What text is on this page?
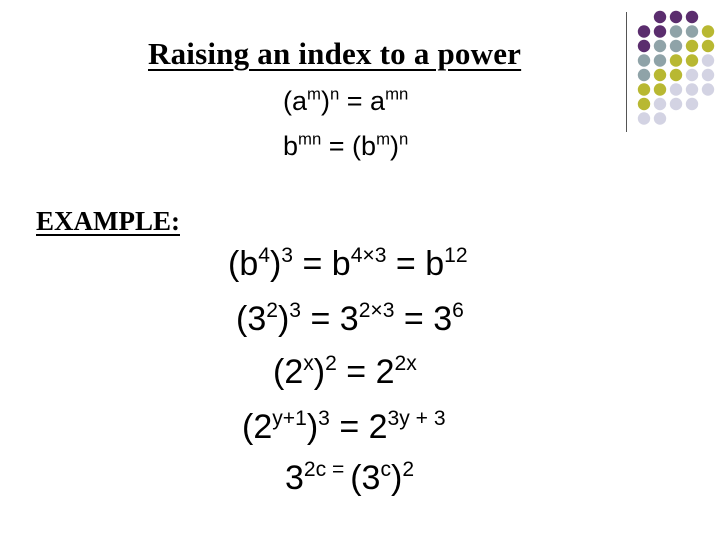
Raising an index to a power
$(a^m)^n = a^{mn}$
$b^{mn} = (b^m)^n$
EXAMPLE:
$(b^4)^3 = b^{4\times 3} = b^{12}$
$(3^2)^3 = 3^{2\times 3} = 3^6$
$(2^x)^2 = 2^{2x}$
$(2^{y+1})^3 = 2^{3y + 3}$
$3^{2c =}$ $(3^c)^2$
